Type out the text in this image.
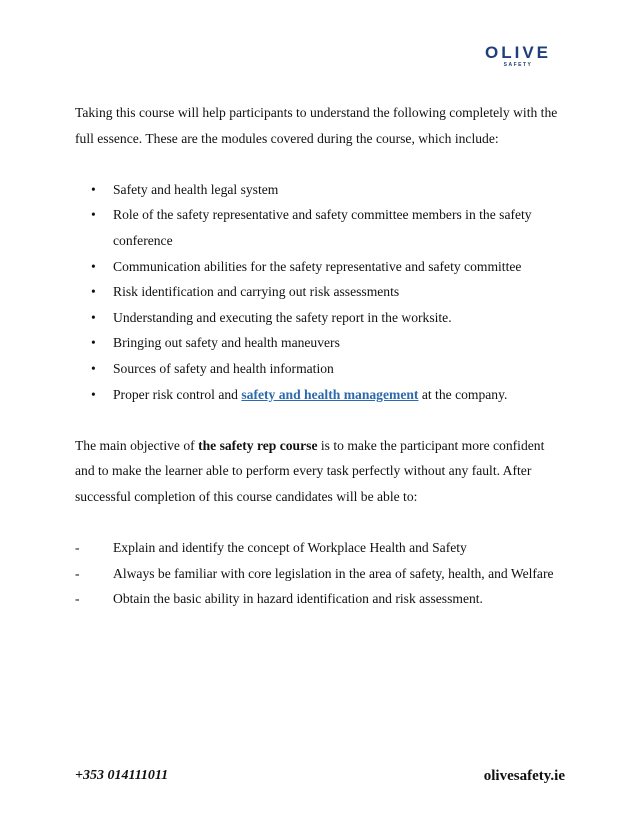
OLIVE
SAFETY

Taking this course will help participants to understand the following completely with the full essence. These are the modules covered during the course, which include:

• Safety and health legal system
• Role of the safety representative and safety committee members in the safety conference
• Communication abilities for the safety representative and safety committee
• Risk identification and carrying out risk assessments
• Understanding and executing the safety report in the worksite.
• Bringing out safety and health maneuvers
• Sources of safety and health information
• Proper risk control and safety and health management at the company.

The main objective of the safety rep course is to make the participant more confident and to make the learner able to perform every task perfectly without any fault. After successful completion of this course candidates will be able to:

- Explain and identify the concept of Workplace Health and Safety
- Always be familiar with core legislation in the area of safety, health, and Welfare
- Obtain the basic ability in hazard identification and risk assessment.
+353 014111011	olivesafety.ie
